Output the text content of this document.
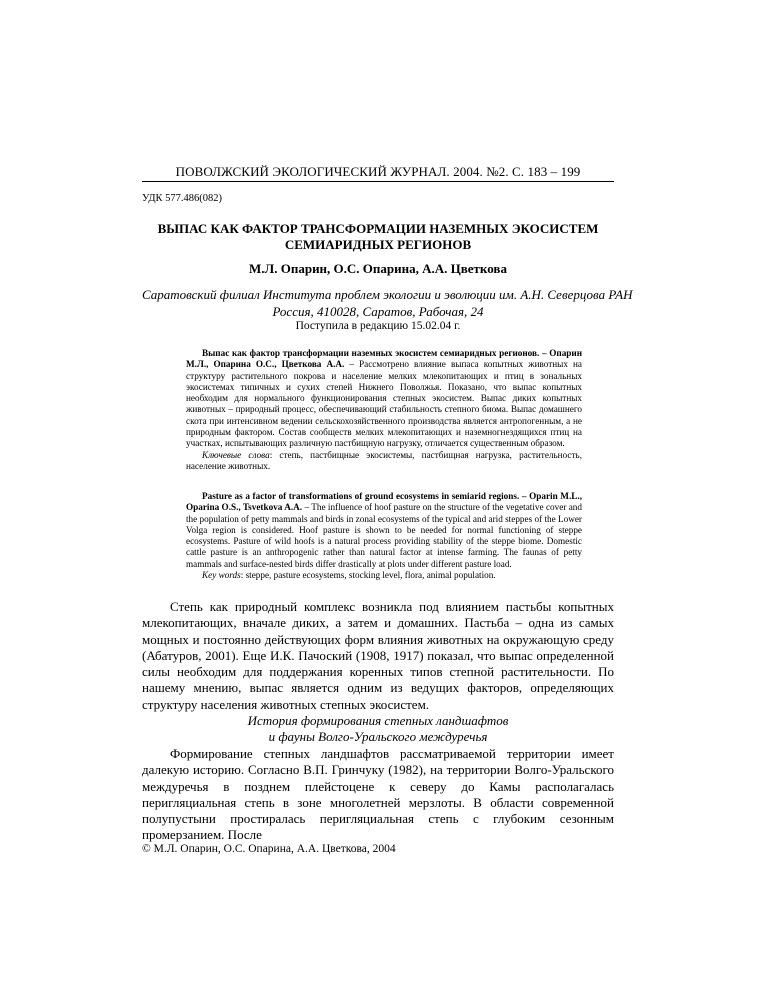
ПОВОЛЖСКИЙ ЭКОЛОГИЧЕСКИЙ ЖУРНАЛ. 2004. №2. С. 183 – 199
УДК 577.486(082)
ВЫПАС КАК ФАКТОР ТРАНСФОРМАЦИИ НАЗЕМНЫХ ЭКОСИСТЕМ
СЕМИАРИДНЫХ РЕГИОНОВ
М.Л. Опарин, О.С. Опарина, А.А. Цветкова
Саратовский филиал Института проблем экологии и эволюции им. А.Н. Северцова РАН
Россия, 410028, Саратов, Рабочая, 24
Поступила в редакцию 15.02.04 г.

Выпас как фактор трансформации наземных экосистем семиаридных регионов. – Опарин М.Л., Опарина О.С., Цветкова А.А. – Рассмотрено влияние выпаса копытных животных на структуру растительного покрова и население мелких млекопитающих и птиц в зональных экосистемах типичных и сухих степей Нижнего Поволжья. Показано, что выпас копытных необходим для нормального функционирования степных экосистем. Выпас диких копытных животных – природный процесс, обеспечивающий стабильность степного биома. Выпас домашнего скота при интенсивном ведении сельскохозяйственного производства является антропогенным, а не природным фактором. Состав сообществ мелких млекопитающих и наземногнездящихся птиц на участках, испытывающих различную пастбищную нагрузку, отличается существенным образом.

Ключевые слова: степь, пастбищные экосистемы, пастбищная нагрузка, растительность, население животных.

Pasture as a factor of transformations of ground ecosystems in semiarid regions. – Oparin M.L., Oparina O.S., Tsvetkova A.A. – The influence of hoof pasture on the structure of the vegetative cover and the population of petty mammals and birds in zonal ecosystems of the typical and arid steppes of the Lower Volga region is considered. Hoof pasture is shown to be needed for normal functioning of steppe ecosystems. Pasture of wild hoofs is a natural process providing stability of the steppe biome. Domestic cattle pasture is an anthropogenic rather than natural factor at intense farming. The faunas of petty mammals and surface-nested birds differ drastically at plots under different pasture load.

Key words: steppe, pasture ecosystems, stocking level, flora, animal population.

Степь как природный комплекс возникла под влиянием пастьбы копытных млекопитающих, вначале диких, а затем и домашних. Пастьба – одна из самых мощных и постоянно действующих форм влияния животных на окружающую среду (Абатуров, 2001). Еще И.К. Пачоский (1908, 1917) показал, что выпас определенной силы необходим для поддержания коренных типов степной растительности. По нашему мнению, выпас является одним из ведущих факторов, определяющих структуру населения животных степных экосистем.

История формирования степных ландшафтов
и фауны Волго-Уральского междуречья

Формирование степных ландшафтов рассматриваемой территории имеет далекую историю. Согласно В.П. Гринчуку (1982), на территории Волго-Уральского междуречья в позднем плейстоцене к северу до Камы располагалась перигляциальная степь в зоне многолетней мерзлоты. В области современной полупустыни простиралась перигляциальная степь с глубоким сезонным промерзанием. После

© М.Л. Опарин, О.С. Опарина, А.А. Цветкова, 2004
